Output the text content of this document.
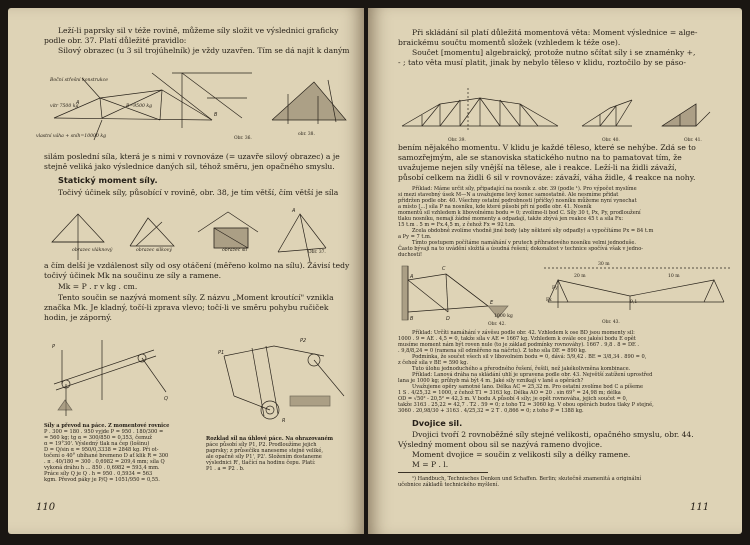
Leží-li paprsky sil v téže rovině, můžeme síly složit ve výslednici graficky
podle obr. 37. Platí důležité pravidlo:
Silový obrazec (u 3 sil trojúhelník) je vždy uzavřen. Tím se dá najít k daným
A
B
Boční střešní konstrukce
vítr 7500 kg	B=9500 kg
vlastní váha + sníh=10000 kg	Obr. 36.
obr. 38.
silám poslední síla, která je s nimi v rovnováze (= uzavře silový obrazec) a je
stejně veliká jako výslednice daných sil, téhož směru, jen opačného smyslu.
Statický moment síly.
Točivý účinek síly, působící v rovině, obr. 38, je tím větší, čím větší je síla
A
obrazec vláknový	obrazec silkový	obrazec sil	Obr. 37.
a čím delší je vzdálenost síly od osy otáčení (měřeno kolmo na sílu). Závisí tedy
točivý účinek Mk na součinu ze síly a ramene.
Mk = P . r v kg . cm.
Tento součin se nazývá moment síly. Z názvu „Moment kroutící" vznikla
značka Mk. Je kladný, točí-li zprava vlevo; točí-li ve směru pohybu ručiček
hodin, je záporný.
P
Q
P1
P2
R
Síly a převod na páce. Z momentové rovnice
P . 300 = 180 . 950 vyjde P = 950 . 180/300 =
= 560 kg; tg α = 300/850 = 0,353, čemuž
α = 19°30'. Výsledný tlak na čep (lošinu)
D = Q/sin α = 950/0,3338 = 2848 kg. Při ot-
točení o 40° ubíhané bremeno D ať klik R = 300
. π . 40/180 = 300 . 0,6982 = 209,4 mm; síla Q
vykoná dráhu h ... 850 . 0,6982 = 593,4 mm.
Práce síly Q je Q . h = 950 . 0,5934 = 563
kgm. Převod páky je P/Q = 1051/950 = 0,55.
Rozklad sil na úhlové páce. Na ohrazovaném
páce působí síly P1, P2. Prodloužíme jejich
paprsky; z průsečíku naneseme stejně veliké,
ale opačně síly P1', P2'. Složením dostaneme
výslednici R', tlačící na hodinu čepu. Platí:
P1 . a = P2 . b.
110
Při skládání sil platí důležitá momentová věta: Moment výslednice = alge-
braickému součtu momentů složek (vzhledem k téže ose).
Součet [momentu] algebraický, protože nutno sčítat síly i se znaménky +,
- ; tato věta musí platit, jinak by nebylo těleso v klidu, roztočilo by se páso-
Obr. 39.	Obr. 40.	Obr. 41.
bením nějakého momentu. V klidu je každé těleso, které se nehýbe. Zdá se to
samozřejmým, ale se stanoviska statického nutno na to pamatovat tím, že
uvažujeme nejen síly vnější na tělese, ale i reakce. Leží-li na židli závaží,
působí celkem na židli 6 sil v rovnováze: závaží, váha židle, 4 reakce na nohy.
Příklad: Máme určit síly, připadající na nosník z. obr. 39 (podle ¹). Pro výpočet myslíme
si mezi stavebný úsek M—N a uvažujeme levý konec samostatně. Ale nesmíme přidat
přidržen podle obr. 40. Všechny ostatní podrobnosti (příčky) nosníku můžeme nyní vynechat
a místo [...] síla P na nosníku, kde které působí při ní podle obr. 41. Nosník
momentů sil vzhledem k libovolnému bodu = 0; zvolíme-li bod C. Síly 30 t, Px, Py, prodloužení
tlaku nosníku, nemají žádné momenty a odpadají, takže zbývá jen reakce 45 t a síla Fx:
15 t.m . 5 m = Fx.4,5 m, z čehož Fx = 92 t.m.
Zcela obdobně zvolíme vhodně jiné body (aby některé síly odpadly) a vypočítáme Px = 84 t.m
a Py = 7 t.m.
Tímto postupem počítáme namáhání v prutech příhradového nosníku velmi jednoduše.
Často bývají na to uvádění složitá a úsudná řešení; dokonalost v technice spočívá však v jedno-
duchosti!
A
C
B
E
D	1000 kg
Obr. 42.
30 m
20 m	10 m
Fy
Fx	9,1
Obr. 43.
Příklad: Určíti namáhání v závěsu podle obr. 42. Vzhledem k ose BD jsou momenty sil:
1000 . 9 = AE . 4,5 = 0, takže síla v AE = 1667 kg. Vzhledem k ovále oce jakési bodu E opět
musíme moment nám být roven nule (to je základ podmínky rovnováhy). 1667 . 9,8 . 8 = DE .
. 9,8/8,24 = 0 (ramena síl odměřeno na náčrtu). Z toho síla DE = 890 kg.
Podmínka, že součet všech sil v libovolném bodu = 0, dává: 5/9,42 . BE = 3/8,34 . 890 = 0,
z čehož síla v BE = 590 kg.
Tuto úlohu jednoduchého a přerodného řešení, řešili, než jakékolivměna kombinace.
Příklad: Lanová dráha na skládání uhlí je upravena podle obr. 43. Největší zatížení uprostřed
lana je 1000 kg; průhyb má být 4 m. Jaké síly vznikají v laně a opěrách?
Uvažujeme opěry samotné lano. Délka AC = 25,32 m. Pro ostatní zvolíme bod C a píšeme
1 S . 4/25,32 = 1000, z čehož T1 = 3163 kg. Délka AO = 20 . sin 69° = 24,98 m; délka
OD = √50² - 20,5² = 42,3 m. V bodu A působí 4 síly; je opět rovnováha, jejich součet = 0,
takže 3163 . 25,22 = 42,7 . T2 . 59 = 0; z toho T2 = 3060 kg. V obou opěrách budou tlaky P stejné,
3060 . 20,98/30 + 3163 . 4/25,32 = 2 T . 0,866 = 0; z toho P = 1388 kg.
Dvojice sil.
Dvojici tvoří 2 rovnoběžné síly stejné velikosti, opačného smyslu, obr. 44.
Výsledný moment obou sil se nazývá rameno dvojice.
Moment dvojice = součin z velikosti síly a délky ramene.
M = P . l.
¹) Handbuch, Technisches Denken und Schaffen. Berlin; skutečně znamenitá a originální
učebnice základů technického myšlení.
111
